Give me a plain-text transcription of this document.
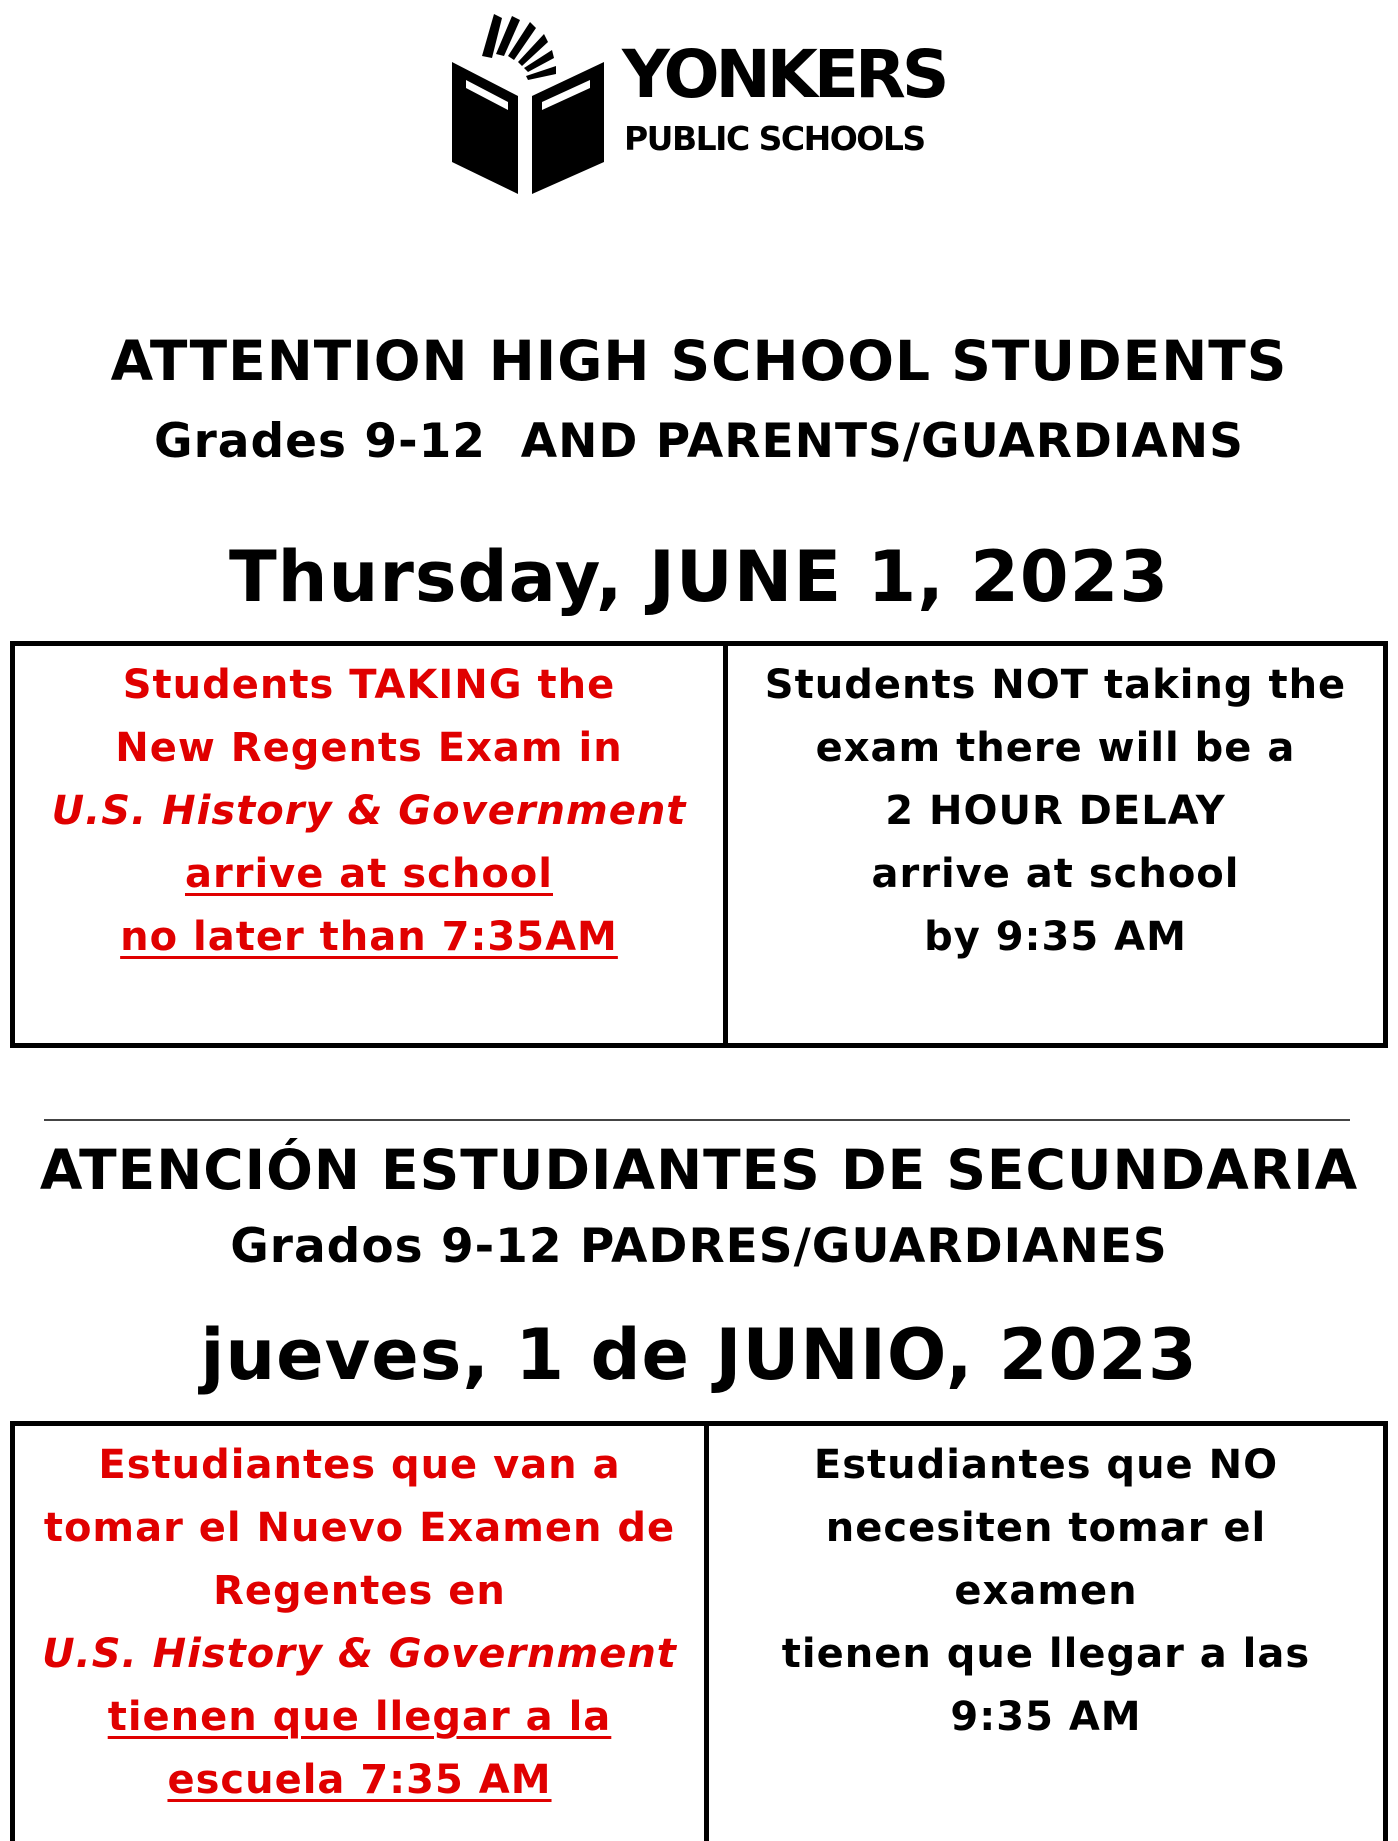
YONKERS
PUBLIC SCHOOLS
ATTENTION HIGH SCHOOL STUDENTS
Grades 9-12  AND PARENTS/GUARDIANS
Thursday, JUNE 1, 2023
Students TAKING the
New Regents Exam in
U.S. History & Government
arrive at school
no later than 7:35AM
Students NOT taking the
exam there will be a
2 HOUR DELAY
arrive at school
by 9:35 AM
ATENCIÓN ESTUDIANTES DE SECUNDARIA
Grados 9-12 PADRES/GUARDIANES
jueves, 1 de JUNIO, 2023
Estudiantes que van a
tomar el Nuevo Examen de
Regentes en
U.S. History & Government
tienen que llegar a la
escuela 7:35 AM
Estudiantes que NO
necesiten tomar el
examen
tienen que llegar a las
9:35 AM
